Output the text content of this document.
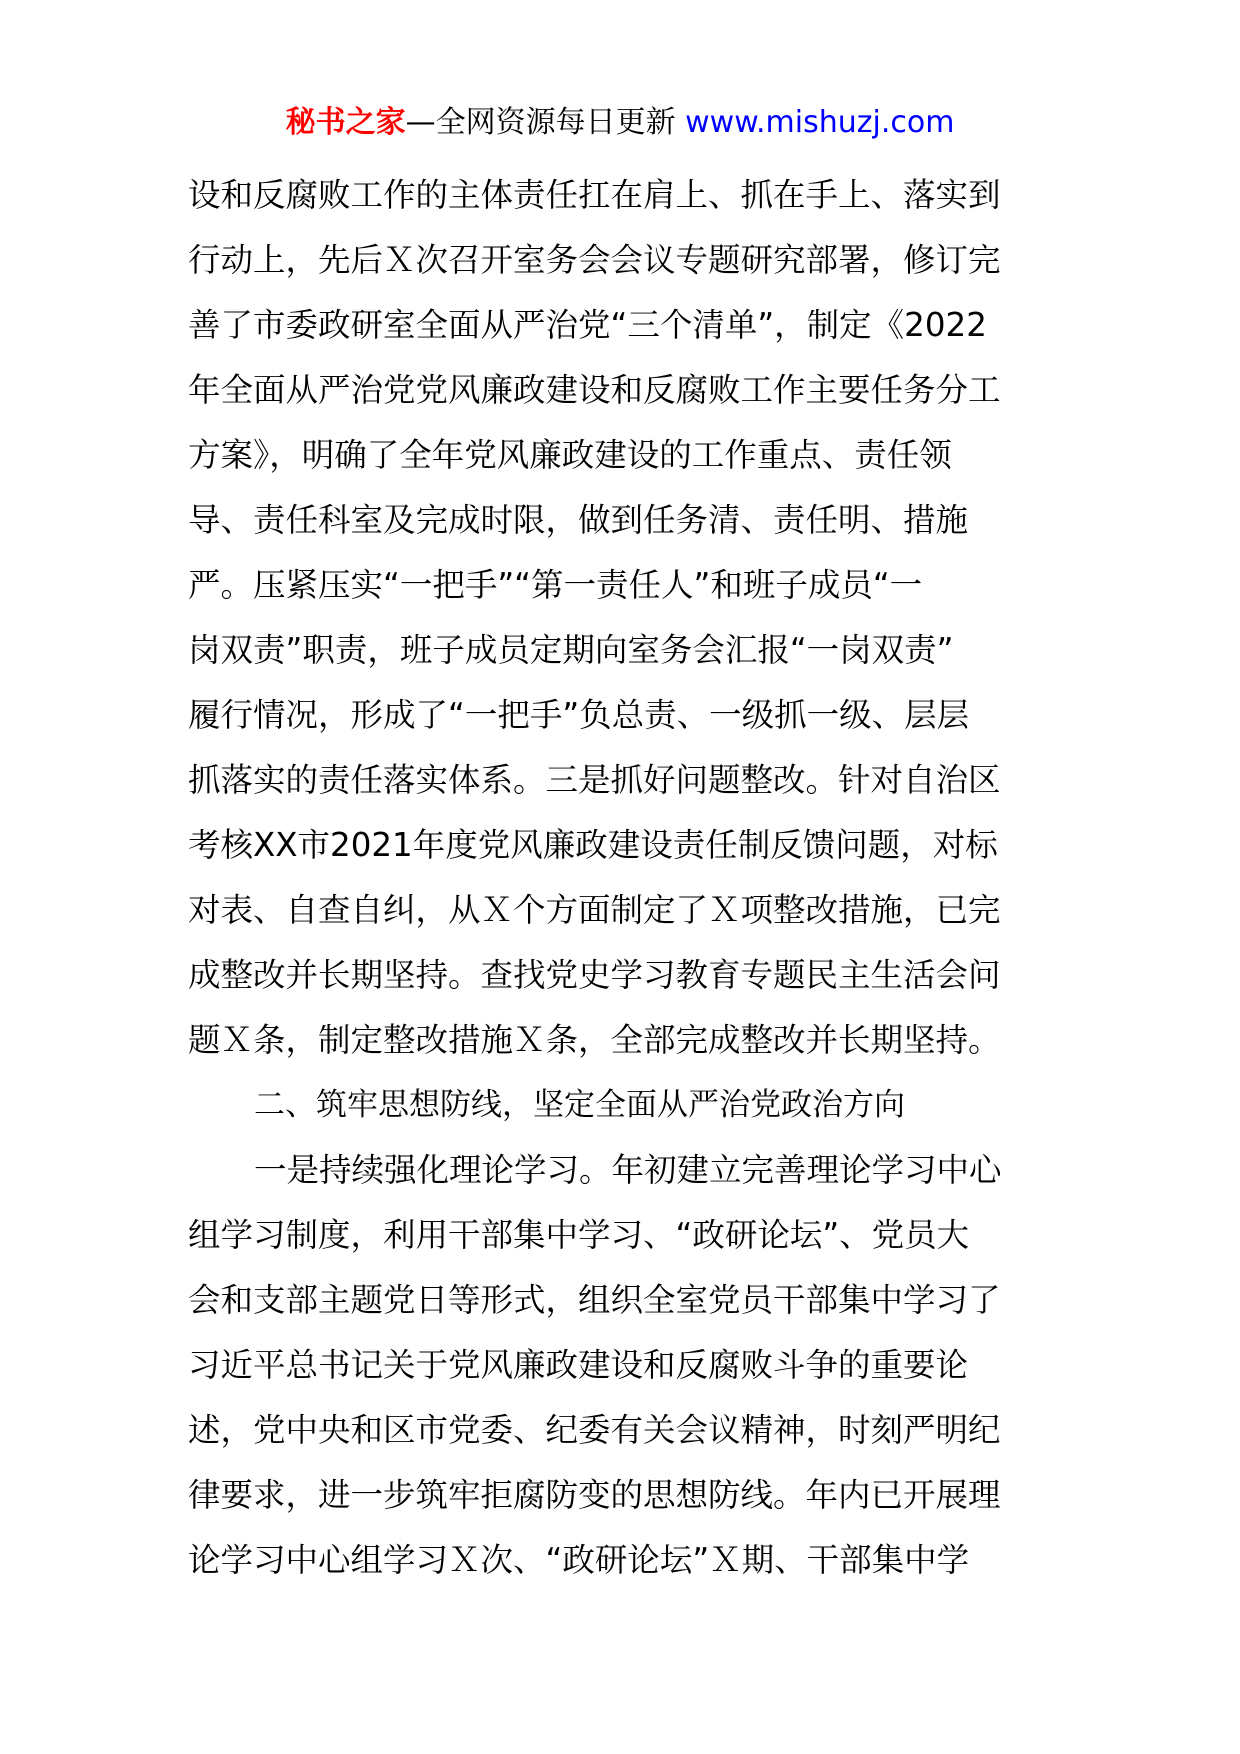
秘书之家—全网资源每日更新 www.mishuzj.com
设和反腐败工作的主体责任扛在肩上、抓在手上、落实到
行动上，先后Ｘ次召开室务会会议专题研究部署，修订完
善了市委政研室全面从严治党“三个清单”，制定《2022
年全面从严治党党风廉政建设和反腐败工作主要任务分工
方案》，明确了全年党风廉政建设的工作重点、责任领
导、责任科室及完成时限，做到任务清、责任明、措施
严。压紧压实“一把手”“第一责任人”和班子成员“一
岗双责”职责，班子成员定期向室务会汇报“一岗双责”
履行情况，形成了“一把手”负总责、一级抓一级、层层
抓落实的责任落实体系。三是抓好问题整改。针对自治区
考核XX市2021年度党风廉政建设责任制反馈问题，对标
对表、自查自纠，从Ｘ个方面制定了Ｘ项整改措施，已完
成整改并长期坚持。查找党史学习教育专题民主生活会问
题Ｘ条，制定整改措施Ｘ条，全部完成整改并长期坚持。
二、筑牢思想防线，坚定全面从严治党政治方向
一是持续强化理论学习。年初建立完善理论学习中心
组学习制度，利用干部集中学习、“政研论坛”、党员大
会和支部主题党日等形式，组织全室党员干部集中学习了
习近平总书记关于党风廉政建设和反腐败斗争的重要论
述，党中央和区市党委、纪委有关会议精神，时刻严明纪
律要求，进一步筑牢拒腐防变的思想防线。年内已开展理
论学习中心组学习Ｘ次、“政研论坛”Ｘ期、干部集中学
